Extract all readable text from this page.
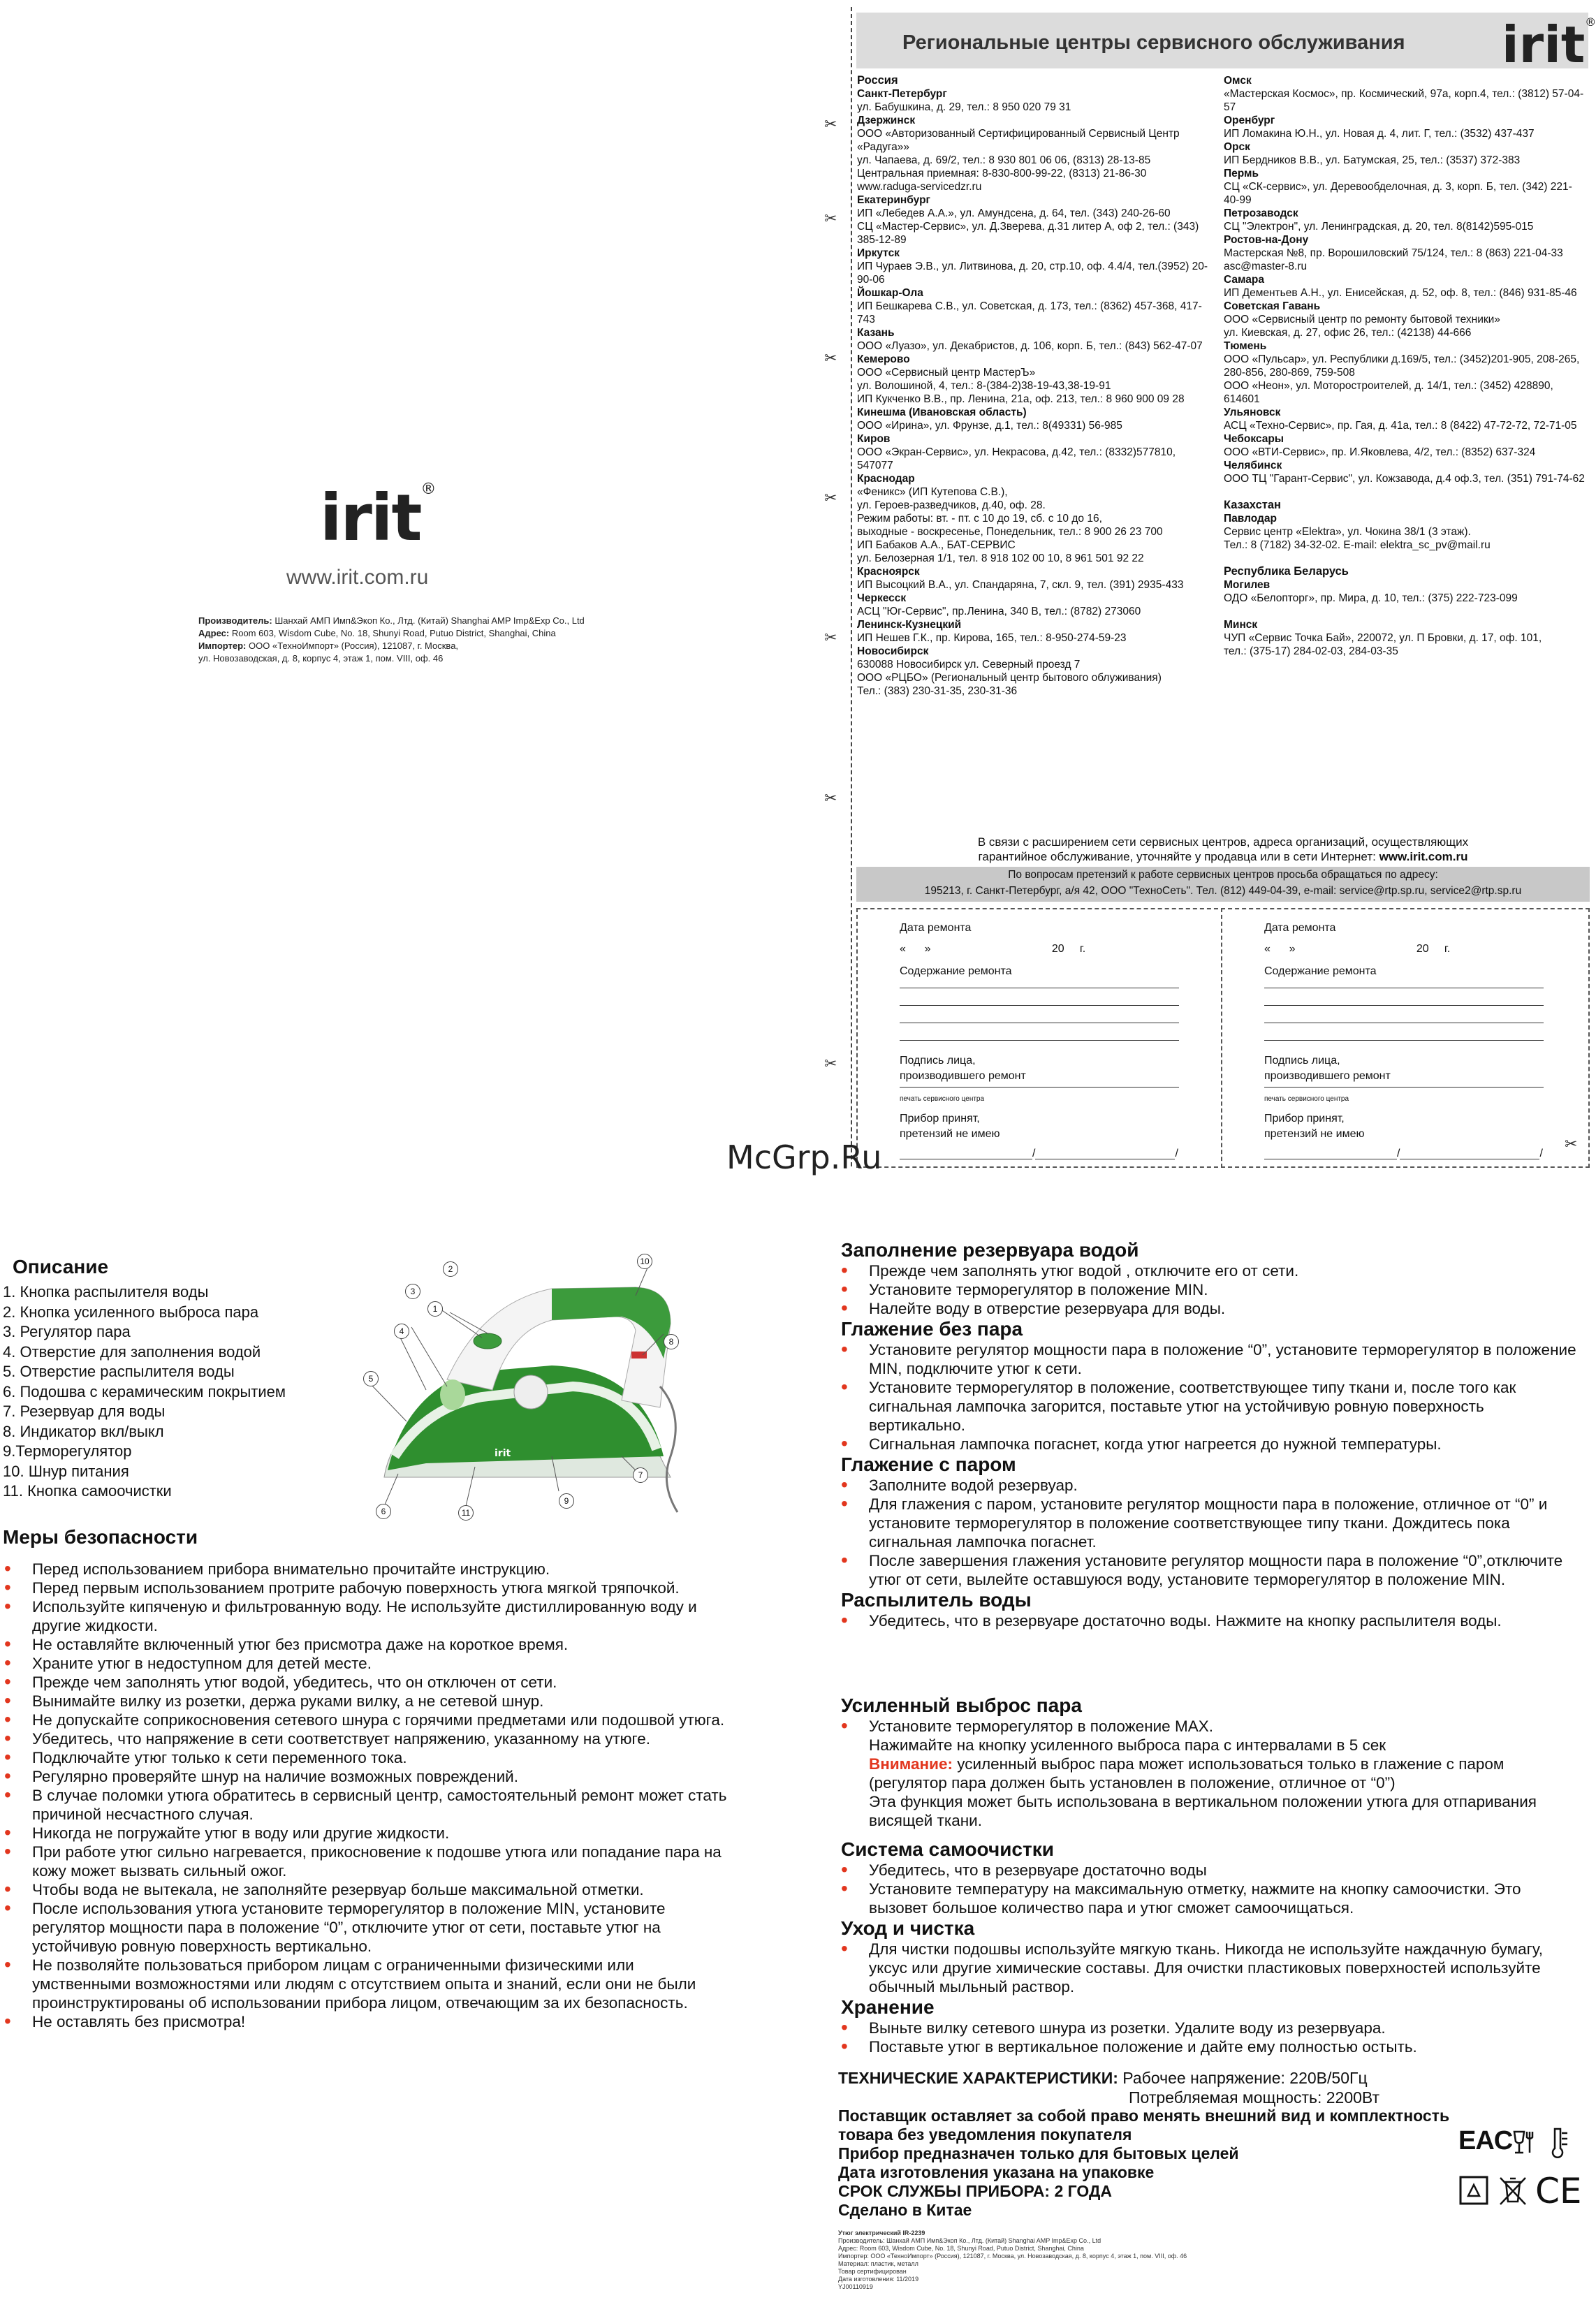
irit®
www.irit.com.ru
Производитель: Шанхай АМП Имп&Экоп Ко., Лтд. (Китай) Shanghai AMP Imp&Exp Co., Ltd
Адрес: Room 603, Wisdom Cube, No. 18, Shunyi Road, Putuo District, Shanghai, China
Импортер: ООО «ТехноИмпорт» (Россия), 121087, г. Москва,
ул. Новозаводская, д. 8, корпус 4, этаж 1, пом. VIII, оф. 46
Региональные центры сервисного обслуживания irit®
Россия
Санкт-Петербург
ул. Бабушкина, д. 29, тел.: 8 950 020 79 31
Дзержинск
ООО «Авторизованный Сертифицированный Сервисный Центр «Радуга»»
ул. Чапаева, д. 69/2, тел.: 8 930 801 06 06, (8313) 28-13-85
Центральная приемная: 8-830-800-99-22, (8313) 21-86-30
www.raduga-servicedzr.ru
Екатеринбург
ИП «Лебедев А.А.», ул. Амундсена, д. 64, тел. (343) 240-26-60
СЦ «Мастер-Сервис», ул. Д.Зверева, д.31 литер А, оф 2, тел.: (343) 385-12-89
Иркутск
ИП Чураев Э.В., ул. Литвинова, д. 20, стр.10, оф. 4.4/4, тел.(3952) 20-90-06
Йошкар-Ола
ИП Бешкарева С.В., ул. Советская, д. 173, тел.: (8362) 457-368, 417-743
Казань
ООО «Луазо», ул. Декабристов, д. 106, корп. Б, тел.: (843) 562-47-07
Кемерово
ООО «Сервисный центр МастерЪ»
ул. Волошиной, 4, тел.: 8-(384-2)38-19-43,38-19-91
ИП Кукченко В.В., пр. Ленина, 21а, оф. 213, тел.: 8 960 900 09 28
Кинешма (Ивановская область)
ООО «Ирина», ул. Фрунзе, д.1, тел.: 8(49331) 56-985
Киров
ООО «Экран-Сервис», ул. Некрасова, д.42, тел.: (8332)577810, 547077
Краснодар
«Феникс» (ИП Кутепова С.В.),
ул. Героев-разведчиков, д.40, оф. 28.
Режим работы: вт. - пт. с 10 до 19, сб. с 10 до 16,
выходные - воскресенье, Понедельник, тел.: 8 900 26 23 700
ИП Бабаков А.А., БАТ-СЕРВИС
ул. Белозерная 1/1, тел. 8 918 102 00 10, 8 961 501 92 22
Красноярск
ИП Высоцкий В.А., ул. Спандаряна, 7, скл. 9, тел. (391) 2935-433
Черкесск
АСЦ "Юг-Сервис", пр.Ленина, 340 В, тел.: (8782) 273060
Ленинск-Кузнецкий
ИП Нешев Г.К., пр. Кирова, 165, тел.: 8-950-274-59-23
Новосибирск
630088 Новосибирск ул. Северный проезд 7
ООО «РЦБО» (Региональный центр бытового облуживания)
Тел.: (383) 230-31-35, 230-31-36
Омск
«Мастерская Космос», пр. Космический, 97а, корп.4, тел.: (3812) 57-04-57
Оренбург
ИП Ломакина Ю.Н., ул. Новая д. 4, лит. Г, тел.: (3532) 437-437
Орск
ИП Бердников В.В., ул. Батумская, 25, тел.: (3537) 372-383
Пермь
СЦ «СК-сервис», ул. Деревообделочная, д. 3, корп. Б, тел. (342) 221-40-99
Петрозаводск
СЦ "Электрон", ул. Ленинградская, д. 20, тел. 8(8142)595-015
Ростов-на-Дону
Мастерская №8, пр. Ворошиловский 75/124, тел.: 8 (863) 221-04-33
asc@master-8.ru
Самара
ИП Дементьев А.Н., ул. Енисейская, д. 52, оф. 8, тел.: (846) 931-85-46
Советская Гавань
ООО «Сервисный центр по ремонту бытовой техники»
ул. Киевская, д. 27, офис 26, тел.: (42138) 44-666
Тюмень
ООО «Пульсар», ул. Республики д.169/5, тел.: (3452)201-905, 208-265,
280-856, 280-869, 759-508
ООО «Неон», ул. Моторостроителей, д. 14/1, тел.: (3452) 428890, 614601
Ульяновск
АСЦ «Техно-Сервис», пр. Гая, д. 41а, тел.: 8 (8422) 47-72-72, 72-71-05
Чебоксары
ООО «ВТИ-Сервис», пр. И.Яковлева, 4/2, тел.: (8352) 637-324
Челябинск
ООО ТЦ "Гарант-Сервис", ул. Кожзавода, д.4 оф.3, тел. (351) 791-74-62

Казахстан
Павлодар
Сервис центр «Elektra», ул. Чокина 38/1 (3 этаж).
Тел.: 8 (7182) 34-32-02. E-mail: elektra_sc_pv@mail.ru

Республика Беларусь
Могилев
ОДО «Белопторг», пр. Мира, д. 10, тел.: (375) 222-723-099

Минск
ЧУП «Сервис Точка Бай», 220072, ул. П Бровки, д. 17, оф. 101,
тел.: (375-17) 284-02-03, 284-03-35
✂
✂
✂
✂
✂
✂
✂
✂
В связи с расширением сети сервисных центров, адреса организаций, осуществляющих
гарантийное обслуживание, уточняйте у продавца или в сети Интернет: www.irit.com.ru
По вопросам претензий к работе сервисных центров просьба обращаться по адресу:
195213, г. Санкт-Петербург, а/я 42, ООО "ТехноСеть". Тел. (812) 449-04-39, e-mail: service@rtp.sp.ru, service2@rtp.sp.ru
Дата ремонта
«      »                                       20     г.
Содержание ремонта
Подпись лица,
производившего ремонт
печать сервисного центра
Прибор принят,
претензий не имею
/	/
Дата ремонта
«      »                                       20     г.
Содержание ремонта
Подпись лица,
производившего ремонт
печать сервисного центра
Прибор принят,
претензий не имею
/	/
McGrp.Ru
Описание
1. Кнопка распылителя воды
2. Кнопка усиленного выброса пара
3. Регулятор пара
4. Отверстие для заполнения водой
5. Отверстие распылителя воды
6. Подошва с керамическим покрытием
7. Резервуар для воды
8. Индикатор вкл/выкл
9.Терморегулятор
10. Шнур питания
11. Кнопка самоочистки
irit
1
2
3
4
5
6
7
8
9
10
11
Меры безопасности
• Перед использованием прибора внимательно прочитайте инструкцию.
• Перед первым использованием протрите рабочую поверхность утюга мягкой тряпочкой.
• Используйте кипяченую и фильтрованную воду. Не используйте дистиллированную воду и другие жидкости.
• Не оставляйте включенный утюг без присмотра даже на короткое время.
• Храните утюг в недоступном для детей месте.
• Прежде чем заполнять утюг водой, убедитесь, что он отключен от сети.
• Вынимайте вилку из розетки, держа руками вилку, а не сетевой шнур.
• Не допускайте соприкосновения сетевого шнура с горячими предметами или подошвой утюга.
• Убедитесь, что напряжение в сети соответствует напряжению, указанному на утюге.
• Подключайте утюг только к сети переменного тока.
• Регулярно проверяйте шнур на наличие возможных повреждений.
• В случае поломки утюга обратитесь в сервисный центр, самостоятельный ремонт может стать причиной несчастного случая.
• Никогда не погружайте утюг в воду или другие жидкости.
• При работе утюг сильно нагревается, прикосновение к подошве утюга или попадание пара на кожу может вызвать сильный ожог.
• Чтобы вода не вытекала, не заполняйте резервуар больше максимальной отметки.
• После использования утюга установите терморегулятор в положение MIN, установите регулятор мощности пара в положение “0”, отключите утюг от сети, поставьте утюг на устойчивую ровную поверхность вертикально.
• Не позволяйте пользоваться прибором лицам с ограниченными физическими или умственными возможностями или людям с отсутствием опыта и знаний, если они не были проинструктированы об использовании прибора лицом, отвечающим за их безопасность.
• Не оставлять без присмотра!
Заполнение резервуара водой
• Прежде чем заполнять утюг водой , отключите его от сети.
• Установите терморегулятор в положение MIN.
• Налейте воду в отверстие резервуара для воды.
Глажение без пара
• Установите регулятор мощности пара в положение “0”, установите терморегулятор в положение MIN, подключите утюг к сети.
• Установите терморегулятор в положение, соответствующее типу ткани и, после того как сигнальная лампочка загорится, поставьте утюг на устойчивую ровную поверхность вертикально.
• Сигнальная лампочка погаснет, когда утюг нагреется до нужной температуры.
Глажение с паром
• Заполните водой резервуар.
• Для глажения с паром, установите регулятор мощности пара в положение, отличное от “0” и установите терморегулятор в положение соответствующее типу ткани. Дождитесь пока сигнальная лампочка погаснет.
• После завершения глажения установите регулятор мощности пара в положение “0”,отключите утюг от сети, вылейте оставшуюся воду, установите терморегулятор в положение MIN.
Распылитель воды
• Убедитесь, что в резервуаре достаточно воды. Нажмите на кнопку распылителя воды.
Усиленный выброс пара
• Установите терморегулятор в положение MAX.
Нажимайте на кнопку усиленного выброса пара с интервалами в 5 сек
Внимание: усиленный выброс пара может использоваться только в глажение с паром (регулятор пара должен быть установлен в положение, отличное от “0”)
Эта функция может быть использована в вертикальном положении утюга для отпаривания висящей ткани.
Система самоочистки
• Убедитесь, что в резервуаре достаточно воды
• Установите температуру на максимальную отметку, нажмите на кнопку самоочистки. Это вызовет большое количество пара и утюг сможет самоочищаться.
Уход и чистка
• Для чистки подошвы используйте мягкую ткань. Никогда не используйте наждачную бумагу, уксус или другие химические составы. Для очистки пластиковых поверхностей используйте обычный мыльный раствор.
Хранение
• Выньте вилку сетевого шнура из розетки. Удалите воду из резервуара.
• Поставьте утюг в вертикальное положение и дайте ему полностью остыть.
ТЕХНИЧЕСКИЕ ХАРАКТЕРИСТИКИ: Рабочее напряжение: 220В/50Гц
Потребляемая мощность: 2200Вт
Поставщик оставляет за собой право менять внешний вид и комплектность
товара без уведомления покупателя
Прибор предназначен только для бытовых целей
Дата изготовления указана на упаковке
СРОК СЛУЖБЫ ПРИБОРА: 2 ГОДА
Сделано в Китае
Утюг электрический IR-2239
Производитель: Шанхай АМП Имп&Экоп Ко., Лтд. (Китай) Shanghai AMP Imp&Exp Co., Ltd
Адрес: Room 603, Wisdom Cube, No. 18, Shunyi Road, Putuo District, Shanghai, China
Импортер: ООО «ТехноИмпорт» (Россия), 121087, г. Москва, ул. Новозаводская, д. 8, корпус 4, этаж 1, пом. VIII, оф. 46
Материал: пластик, металл
Товар сертифицирован
Дата изготовления: 11/2019
YJ00110919
EAC
CE
